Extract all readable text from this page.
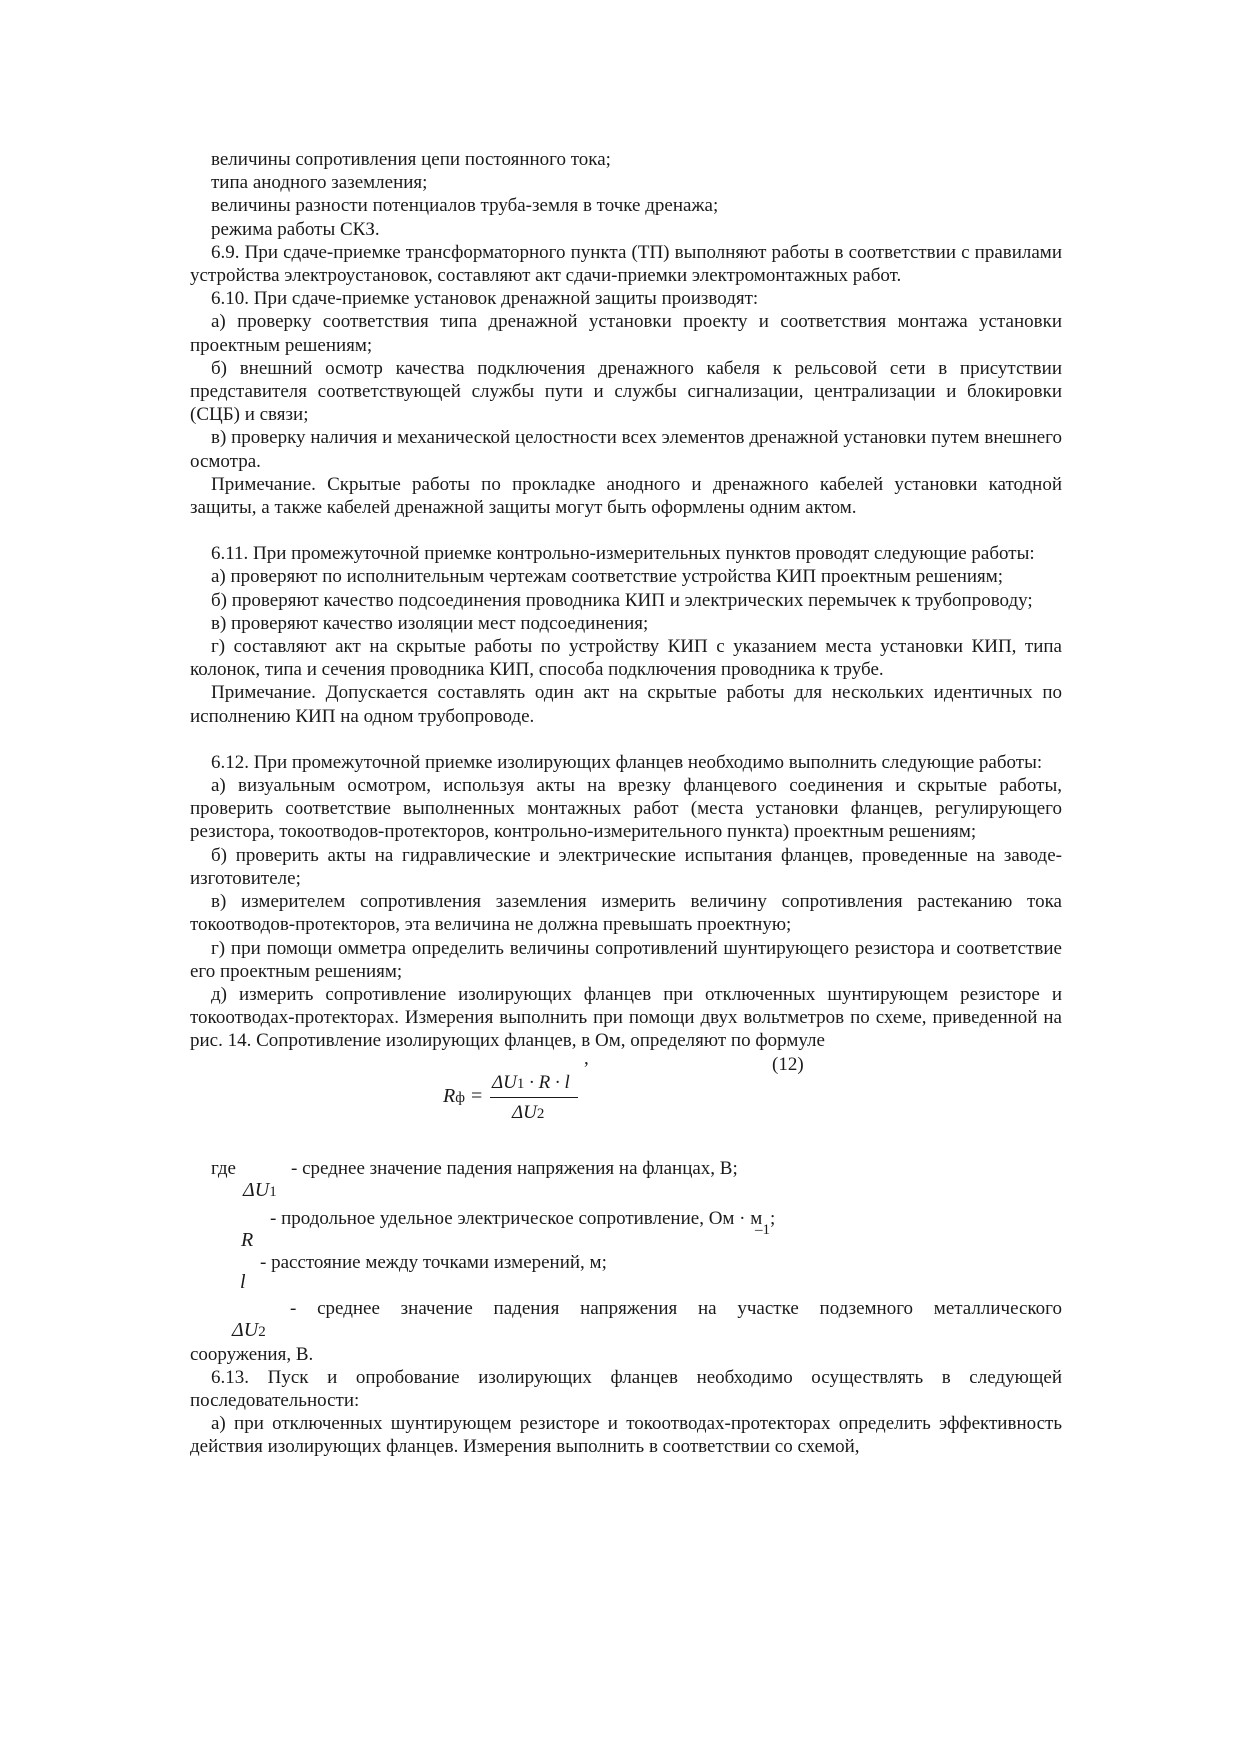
величины сопротивления цепи постоянного тока;

типа анодного заземления;

величины разности потенциалов труба-земля в точке дренажа;

режима работы СКЗ.

6.9. При сдаче-приемке трансформаторного пункта (ТП) выполняют работы в соответствии с правилами устройства электроустановок, составляют акт сдачи-приемки электромонтажных работ.

6.10. При сдаче-приемке установок дренажной защиты производят:

а) проверку соответствия типа дренажной установки проекту и соответствия монтажа установки проектным решениям;

б) внешний осмотр качества подключения дренажного кабеля к рельсовой сети в присутствии представителя соответствующей службы пути и службы сигнализации, централизации и блокировки (СЦБ) и связи;

в) проверку наличия и механической целостности всех элементов дренажной установки путем внешнего осмотра.

Примечание. Скрытые работы по прокладке анодного и дренажного кабелей установки катодной защиты, а также кабелей дренажной защиты могут быть оформлены одним актом.

6.11. При промежуточной приемке контрольно-измерительных пунктов проводят следующие работы:

а) проверяют по исполнительным чертежам соответствие устройства КИП проектным решениям;

б) проверяют качество подсоединения проводника КИП и электрических перемычек к трубопроводу;

в) проверяют качество изоляции мест подсоединения;

г) составляют акт на скрытые работы по устройству КИП с указанием места установки КИП, типа колонок, типа и сечения проводника КИП, способа подключения проводника к трубе.

Примечание. Допускается составлять один акт на скрытые работы для нескольких идентичных по исполнению КИП на одном трубопроводе.

6.12. При промежуточной приемке изолирующих фланцев необходимо выполнить следующие работы:

а) визуальным осмотром, используя акты на врезку фланцевого соединения и скрытые работы, проверить соответствие выполненных монтажных работ (места установки фланцев, регулирующего резистора, токоотводов-протекторов, контрольно-измерительного пункта) проектным решениям;

б) проверить акты на гидравлические и электрические испытания фланцев, проведенные на заводе-изготовителе;

в) измерителем сопротивления заземления измерить величину сопротивления растеканию тока токоотводов-протекторов, эта величина не должна превышать проектную;

г) при помощи омметра определить величины сопротивлений шунтирующего резистора и соответствие его проектным решениям;

д) измерить сопротивление изолирующих фланцев при отключенных шунтирующем резисторе и токоотводах-протекторах. Измерения выполнить при помощи двух вольтметров по схеме, приведенной на рис. 14. Сопротивление изолирующих фланцев, в Ом, определяют по формуле

,	(12)
Rф =
ΔU1 · R · l
ΔU2
где	- среднее значение падения напряжения на фланцах, В;
ΔU1
- продольное удельное электрическое сопротивление, Ом · м
–1
;
R
- расстояние между точками измерений, м;
l
- среднее значение падения напряжения на участке подземного металлического
ΔU2

сооружения, В.

6.13. Пуск и опробование изолирующих фланцев необходимо осуществлять в следующей последовательности:

а) при отключенных шунтирующем резисторе и токоотводах-протекторах определить эффективность действия изолирующих фланцев. Измерения выполнить в соответствии со схемой,
